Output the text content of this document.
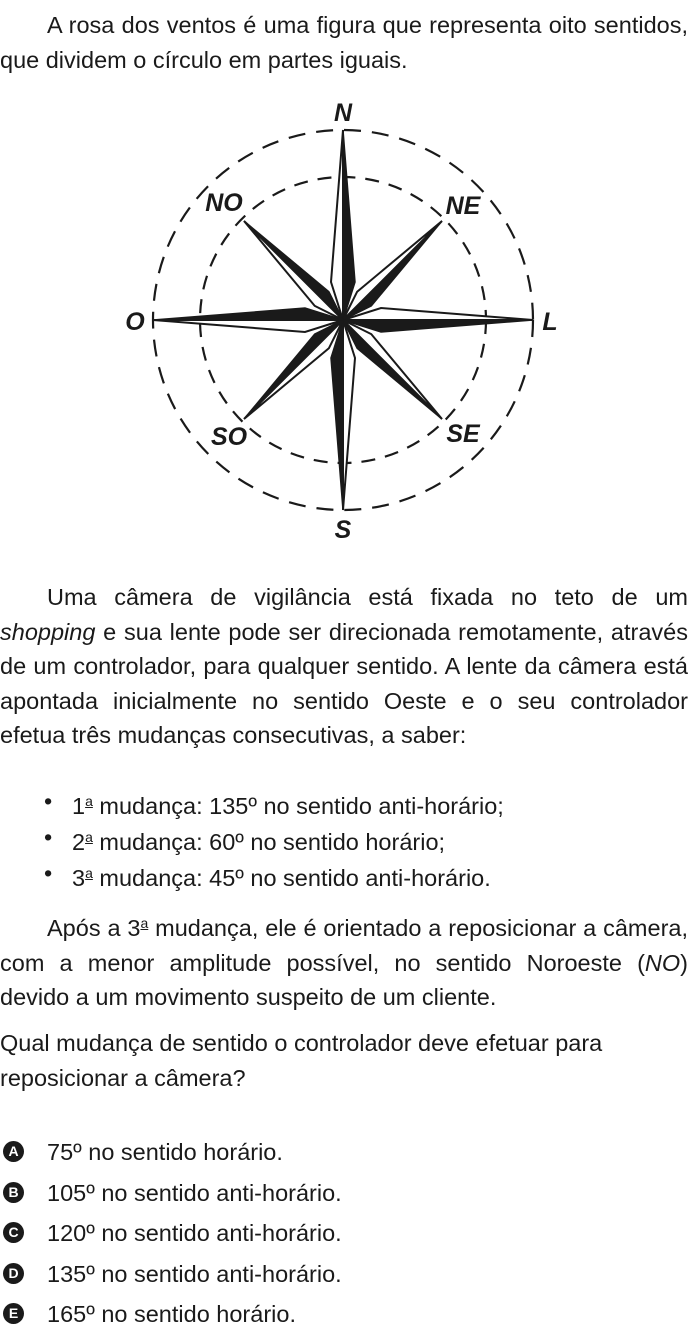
A rosa dos ventos é uma figura que representa oito sentidos, que dividem o círculo em partes iguais.

N
NE
L
SE
S
SO
O
NO

Uma câmera de vigilância está fixada no teto de um shopping e sua lente pode ser direcionada remotamente, através de um controlador, para qualquer sentido. A lente da câmera está apontada inicialmente no sentido Oeste e o seu controlador efetua três mudanças consecutivas, a saber:

• 1$^a$ mudança: 135º no sentido anti-horário;
• 2$^a$ mudança: 60º no sentido horário;
• 3$^a$ mudança: 45º no sentido anti-horário.

Após a 3$^a$ mudança, ele é orientado a reposicionar a câmera, com a menor amplitude possível, no sentido Noroeste (NO) devido a um movimento suspeito de um cliente.

Qual mudança de sentido o controlador deve efetuar para reposicionar a câmera?

A 75º no sentido horário.
B 105º no sentido anti-horário.
C 120º no sentido anti-horário.
D 135º no sentido anti-horário.
E 165º no sentido horário.
